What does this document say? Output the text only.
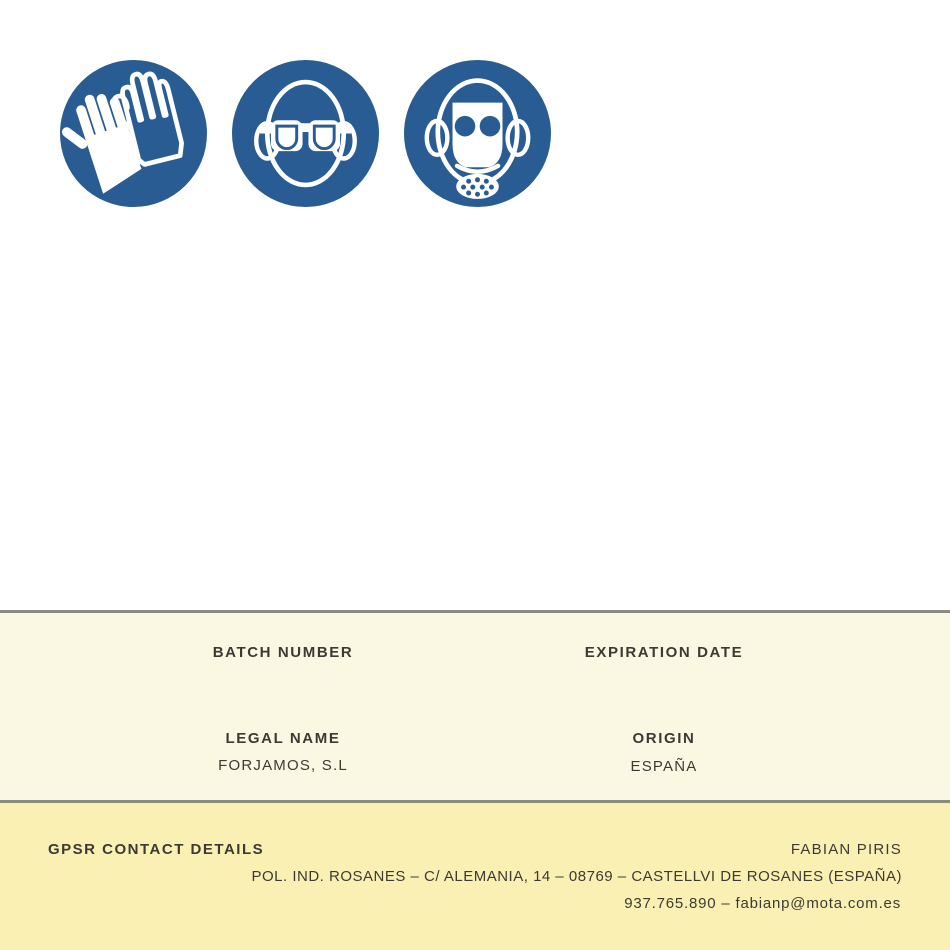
BATCH NUMBER	EXPIRATION DATE
LEGAL NAME
FORJAMOS, S.L
ORIGIN
ESPAÑA
GPSR CONTACT DETAILS	FABIAN PIRIS
POL. IND. ROSANES – C/ ALEMANIA, 14 – 08769 – CASTELLVI DE ROSANES (ESPAÑA)
937.765.890 – fabianp@mota.com.es
